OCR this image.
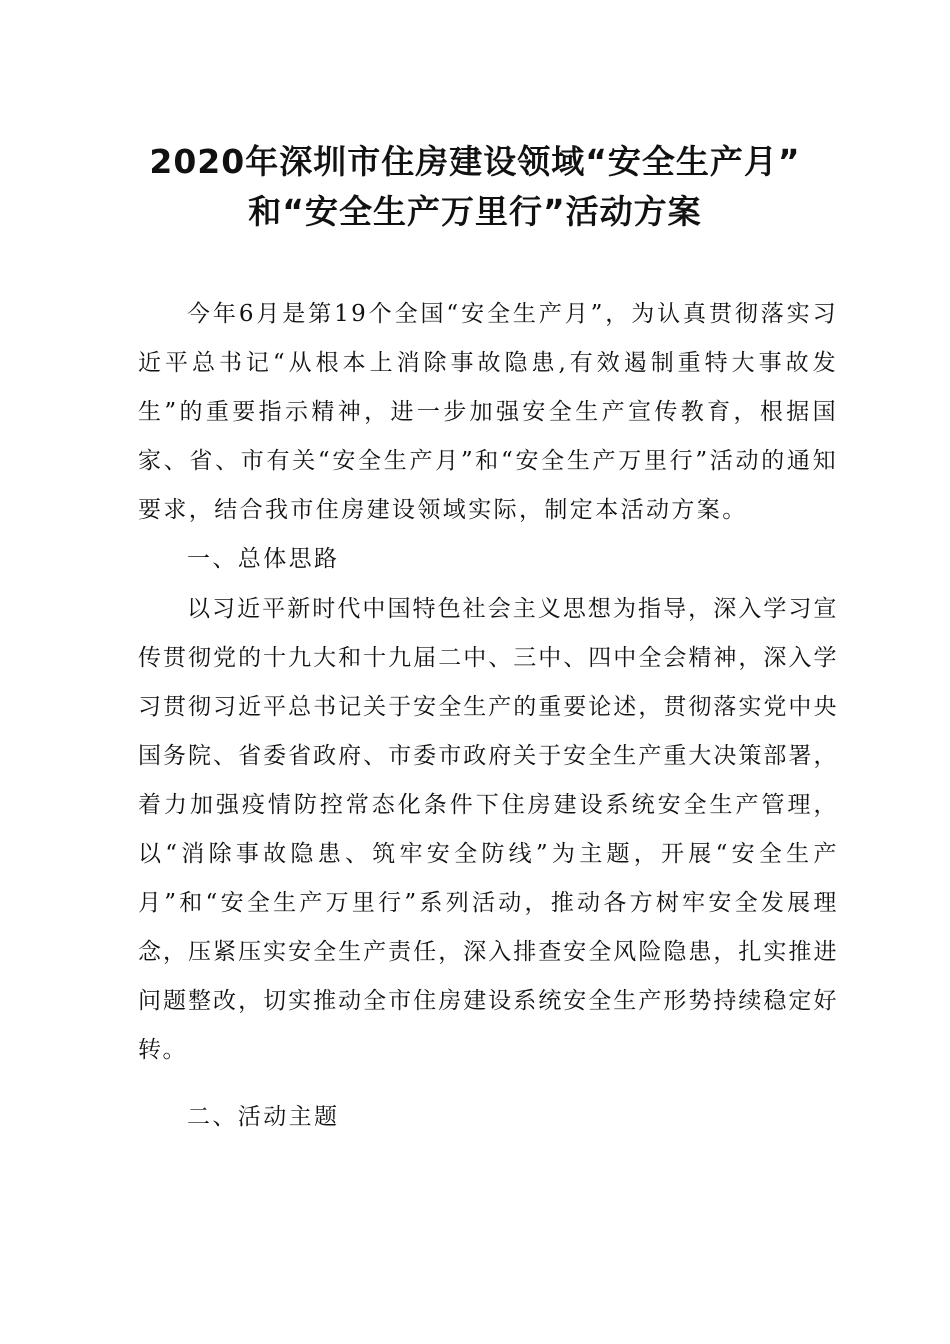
2020年深圳市住房建设领域“安全生产月”
和“安全生产万里行”活动方案

今年6月是第19个全国“安全生产月”，为认真贯彻落实习近平总书记“从根本上消除事故隐患,有效遏制重特大事故发生”的重要指示精神，进一步加强安全生产宣传教育，根据国家、省、市有关“安全生产月”和“安全生产万里行”活动的通知要求，结合我市住房建设领域实际，制定本活动方案。

一、总体思路

以习近平新时代中国特色社会主义思想为指导，深入学习宣传贯彻党的十九大和十九届二中、三中、四中全会精神，深入学习贯彻习近平总书记关于安全生产的重要论述，贯彻落实党中央国务院、省委省政府、市委市政府关于安全生产重大决策部署，着力加强疫情防控常态化条件下住房建设系统安全生产管理，以“消除事故隐患、筑牢安全防线”为主题，开展“安全生产月”和“安全生产万里行”系列活动，推动各方树牢安全发展理念，压紧压实安全生产责任，深入排查安全风险隐患，扎实推进问题整改，切实推动全市住房建设系统安全生产形势持续稳定好转。

二、活动主题
